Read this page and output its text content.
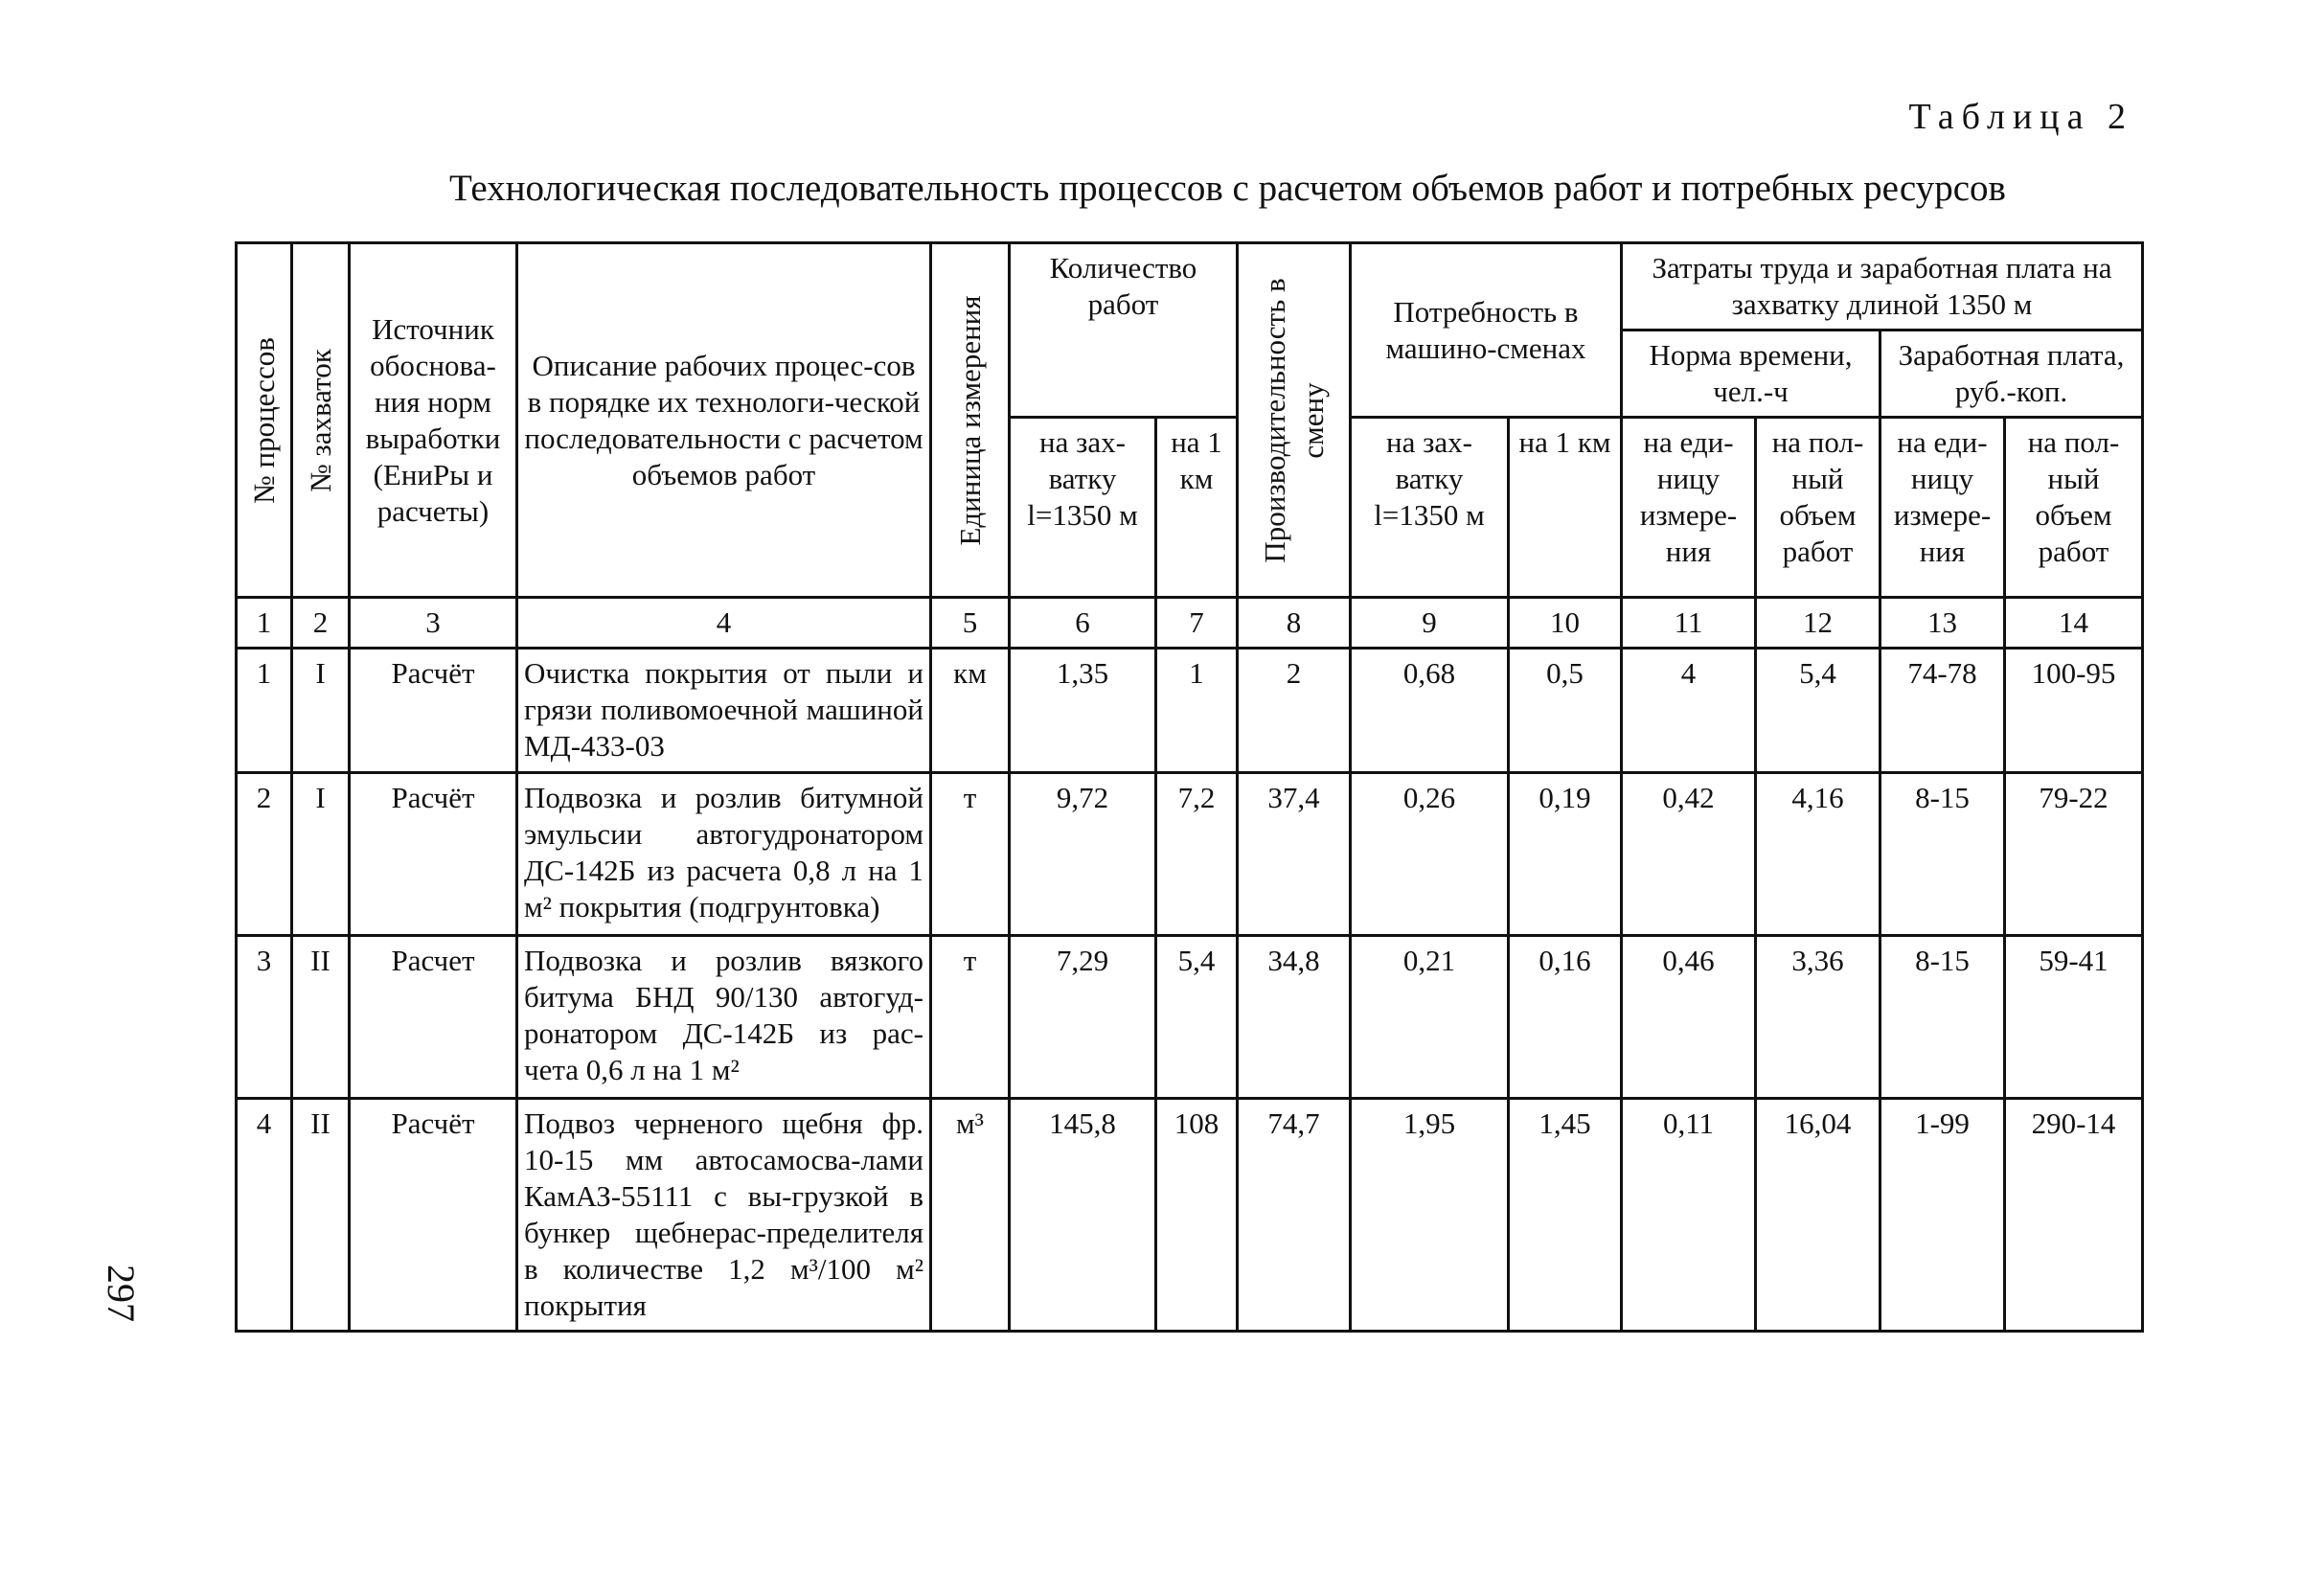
Таблица 2
Технологическая последовательность процессов с расчетом объемов работ и потребных ресурсов
297
№ процессов	№ захваток	Источник обоснова-ния норм выработки (ЕниРы и расчеты)	Описание рабочих процес-сов в порядке их технологи-ческой последовательности с расчетом объемов работ	Единица измерения	Количество работ		Производительность в смену	Потребность в машино-сменах		Затраты труда и заработная плата на захватку длиной 1350 м			
										Норма времени, чел.-ч		Заработная плата, руб.-коп.	
					на зах-ватку l=1350 м	на 1 км		на зах-ватку l=1350 м	на 1 км	на еди-ницу измере-ния	на пол-ный объем работ	на еди-ницу измере-ния	на пол-ный объем работ
1	2	3	4	5	6	7	8	9	10	11	12	13	14
1	I	Расчёт	Очистка покрытия от пыли и грязи поливомоечной машиной МД-433-03	км	1,35	1	2	0,68	0,5	4	5,4	74-78	100-95
2	I	Расчёт	Подвозка и розлив битумной эмульсии автогудронатором ДС-142Б из расчета 0,8 л на 1 м² покрытия (подгрунтовка)	т	9,72	7,2	37,4	0,26	0,19	0,42	4,16	8-15	79-22
3	II	Расчет	Подвозка и розлив вязкого битума БНД 90/130 автогуд-ронатором ДС-142Б из рас-чета 0,6 л на 1 м²	т	7,29	5,4	34,8	0,21	0,16	0,46	3,36	8-15	59-41
4	II	Расчёт	Подвоз черненого щебня фр. 10-15 мм автосамосва-лами КамАЗ-55111 с вы-грузкой в бункер щебнерас-пределителя в количестве 1,2 м³/100 м² покрытия	м³	145,8	108	74,7	1,95	1,45	0,11	16,04	1-99	290-14
